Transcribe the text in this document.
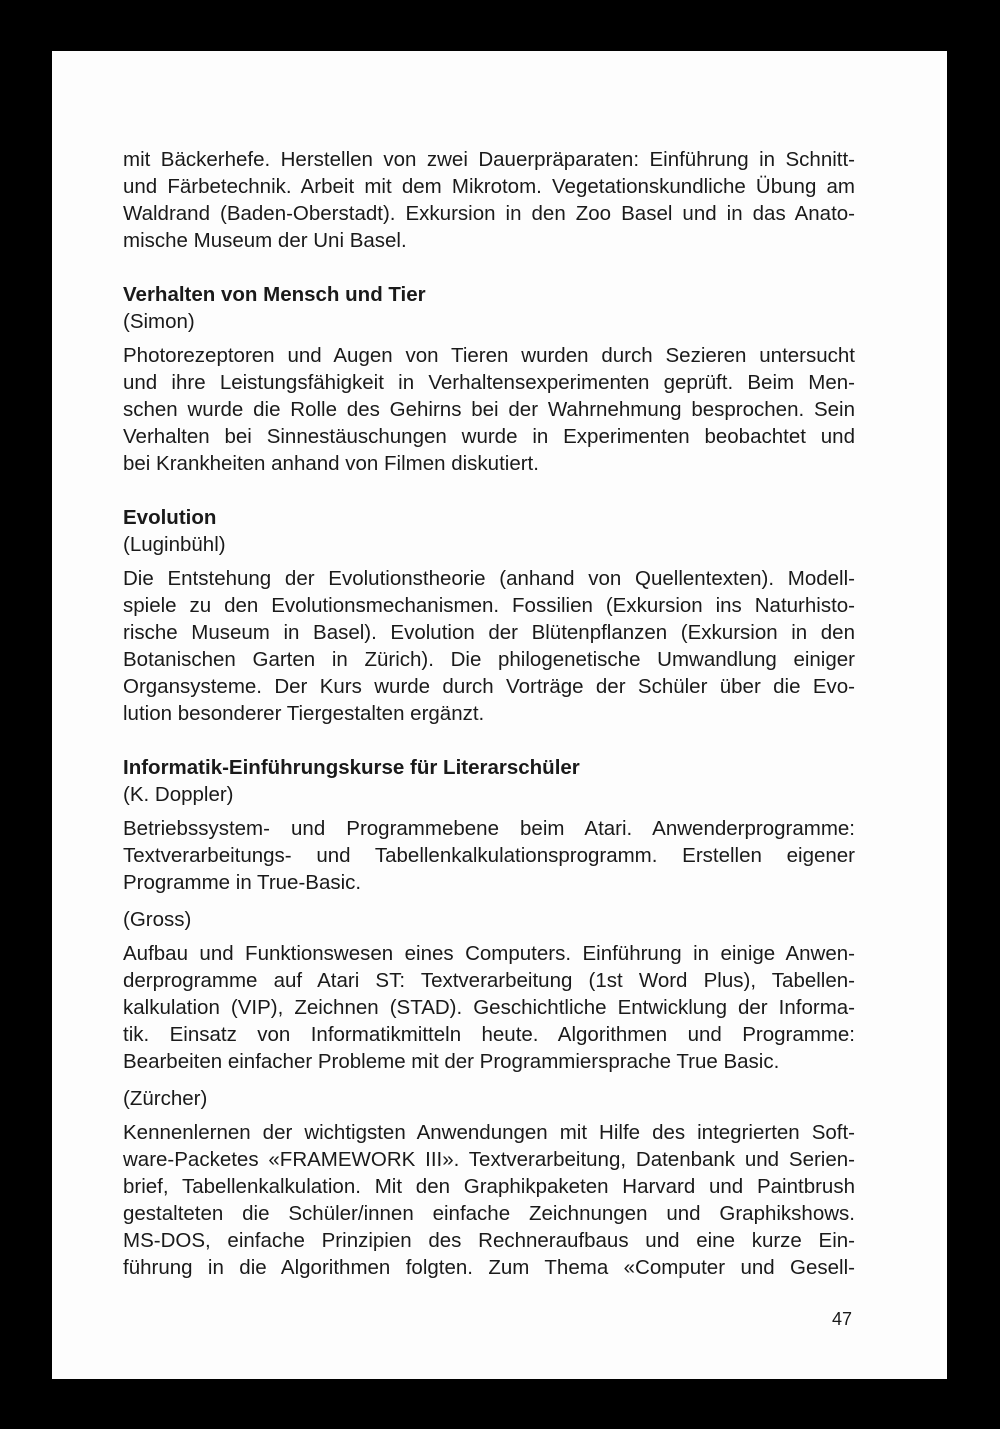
mit Bäckerhefe. Herstellen von zwei Dauerpräparaten: Einführung in Schnitt-
und Färbetechnik. Arbeit mit dem Mikrotom. Vegetationskundliche Übung am
Waldrand (Baden-Oberstadt). Exkursion in den Zoo Basel und in das Anato-
mische Museum der Uni Basel.
Verhalten von Mensch und Tier
(Simon)
Photorezeptoren und Augen von Tieren wurden durch Sezieren untersucht
und ihre Leistungsfähigkeit in Verhaltensexperimenten geprüft. Beim Men-
schen wurde die Rolle des Gehirns bei der Wahrnehmung besprochen. Sein
Verhalten bei Sinnestäuschungen wurde in Experimenten beobachtet und
bei Krankheiten anhand von Filmen diskutiert.
Evolution
(Luginbühl)
Die Entstehung der Evolutionstheorie (anhand von Quellentexten). Modell-
spiele zu den Evolutionsmechanismen. Fossilien (Exkursion ins Naturhisto-
rische Museum in Basel). Evolution der Blütenpflanzen (Exkursion in den
Botanischen Garten in Zürich). Die philogenetische Umwandlung einiger
Organsysteme. Der Kurs wurde durch Vorträge der Schüler über die Evo-
lution besonderer Tiergestalten ergänzt.
Informatik-Einführungskurse für Literarschüler
(K. Doppler)
Betriebssystem- und Programmebene beim Atari. Anwenderprogramme:
Textverarbeitungs- und Tabellenkalkulationsprogramm. Erstellen eigener
Programme in True-Basic.
(Gross)
Aufbau und Funktionswesen eines Computers. Einführung in einige Anwen-
derprogramme auf Atari ST: Textverarbeitung (1st Word Plus), Tabellen-
kalkulation (VIP), Zeichnen (STAD). Geschichtliche Entwicklung der Informa-
tik. Einsatz von Informatikmitteln heute. Algorithmen und Programme:
Bearbeiten einfacher Probleme mit der Programmiersprache True Basic.
(Zürcher)
Kennenlernen der wichtigsten Anwendungen mit Hilfe des integrierten Soft-
ware-Packetes «FRAMEWORK III». Textverarbeitung, Datenbank und Serien-
brief, Tabellenkalkulation. Mit den Graphikpaketen Harvard und Paintbrush
gestalteten die Schüler/innen einfache Zeichnungen und Graphikshows.
MS-DOS, einfache Prinzipien des Rechneraufbaus und eine kurze Ein-
führung in die Algorithmen folgten. Zum Thema «Computer und Gesell-
47
